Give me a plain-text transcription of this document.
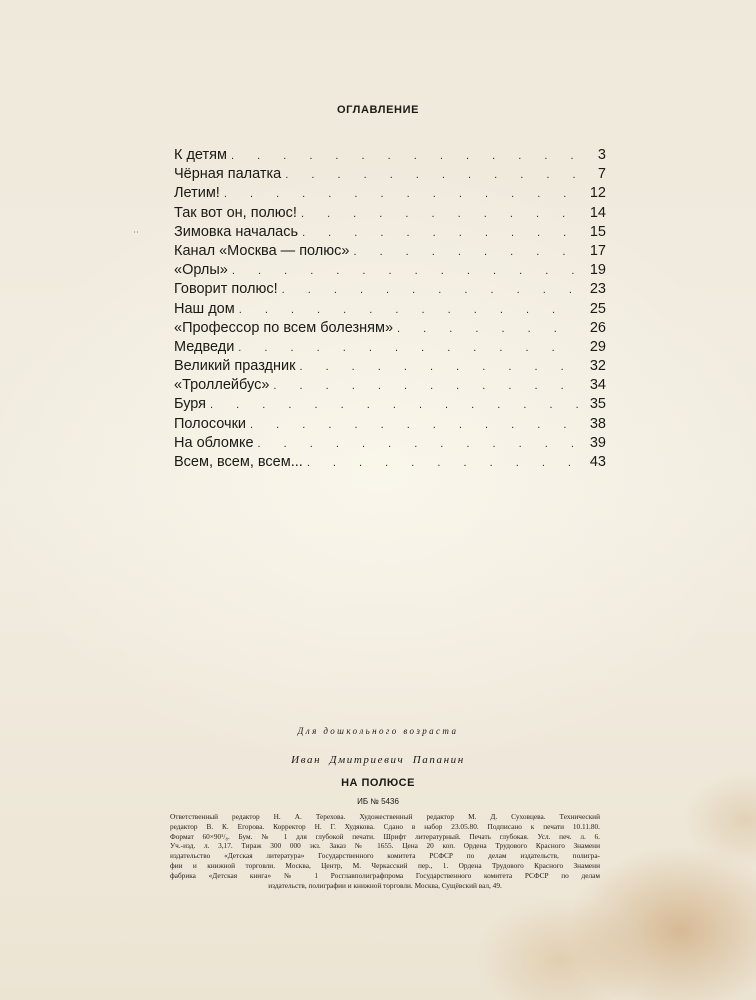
˙˙
ОГЛАВЛЕНИЕ
К детям . . .	3
Чёрная палатка . . .	7
Летим! . . .	12
Так вот он, полюс! . . .	14
Зимовка началась . . .	15
Канал «Москва — полюс» . . .	17
«Орлы» . . .	19
Говорит полюс! . . .	23
Наш дом . . .	25
«Профессор по всем болезням» . . .	26
Медведи . . .	29
Великий праздник . . .	32
«Троллейбус» . . .	34
Буря . . .	35
Полосочки . . .	38
На обломке . . .	39
Всем, всем, всем... . . .	43
Для дошкольного возраста
Иван Дмитриевич Папанин
НА ПОЛЮСЕ
ИБ № 5436
Ответственный редактор Н. А. Терехова. Художественный редактор М. Д. Суховцева. Технический
редактор В. К. Егорова. Корректор Н. Г. Худякова. Сдано в набор 23.05.80. Подписано к печати 10.11.80.
Формат 60×90¹/₈. Бум. № 1 для глубокой печати. Шрифт литературный. Печать глубокая. Усл. печ. л. 6.
Уч.-изд. л. 3,17. Тираж 300 000 экз. Заказ № 1655. Цена 20 коп. Ордена Трудового Красного Знамени
издательство «Детская литература» Государственного комитета РСФСР по делам издательств, полигра-
фии и книжной торговли. Москва, Центр, М. Черкасский пер., 1. Ордена Трудового Красного Знамени
фабрика «Детская книга» № 1 Росглавполиграфпрома Государственного комитета РСФСР по делам
издательств, полиграфии и книжной торговли. Москва, Сущёвский вал, 49.
